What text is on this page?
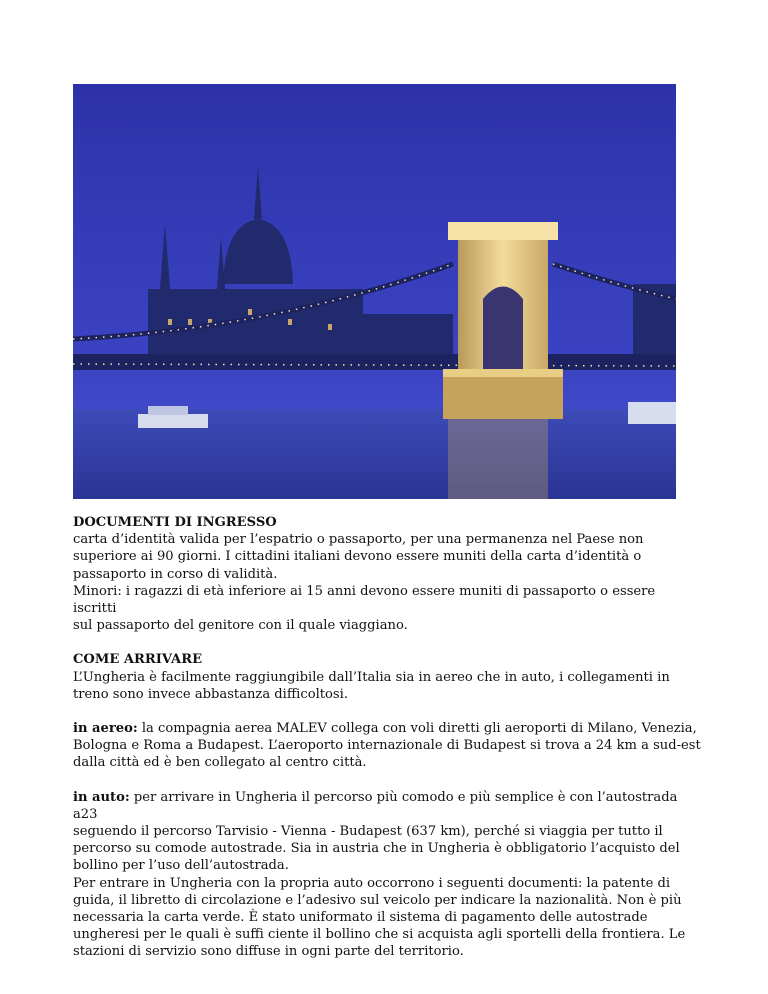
DOCUMENTI DI INGRESSO

carta d’identità valida per l’espatrio o passaporto, per una permanenza nel Paese non

superiore ai 90 giorni. I cittadini italiani devono essere muniti della carta d’identità o

passaporto in corso di validità.

Minori: i ragazzi di età inferiore ai 15 anni devono essere muniti di passaporto o essere iscritti

sul passaporto del genitore con il quale viaggiano.

COME ARRIVARE

L’Ungheria è facilmente raggiungibile dall’Italia sia in aereo che in auto, i collegamenti in

treno sono invece abbastanza difficoltosi.

in aereo: la compagnia aerea MALEV collega con voli diretti gli aeroporti di Milano, Venezia,

Bologna e Roma a Budapest. L’aeroporto internazionale di Budapest si trova a 24 km a sud-est

dalla città ed è ben collegato al centro città.

in auto: per arrivare in Ungheria il percorso più comodo e più semplice è con l’autostrada a23

seguendo il percorso Tarvisio - Vienna - Budapest (637 km), perché si viaggia per tutto il

percorso su comode autostrade. Sia in austria che in Ungheria è obbligatorio l’acquisto del

bollino per l’uso dell’autostrada.

Per entrare in Ungheria con la propria auto occorrono i seguenti documenti: la patente di

guida, il libretto di circolazione e l’adesivo sul veicolo per indicare la nazionalità. Non è più

necessaria la carta verde. È stato uniformato il sistema di pagamento delle autostrade

ungheresi per le quali è suffi ciente il bollino che si acquista agli sportelli della frontiera. Le

stazioni di servizio sono diffuse in ogni parte del territorio.
